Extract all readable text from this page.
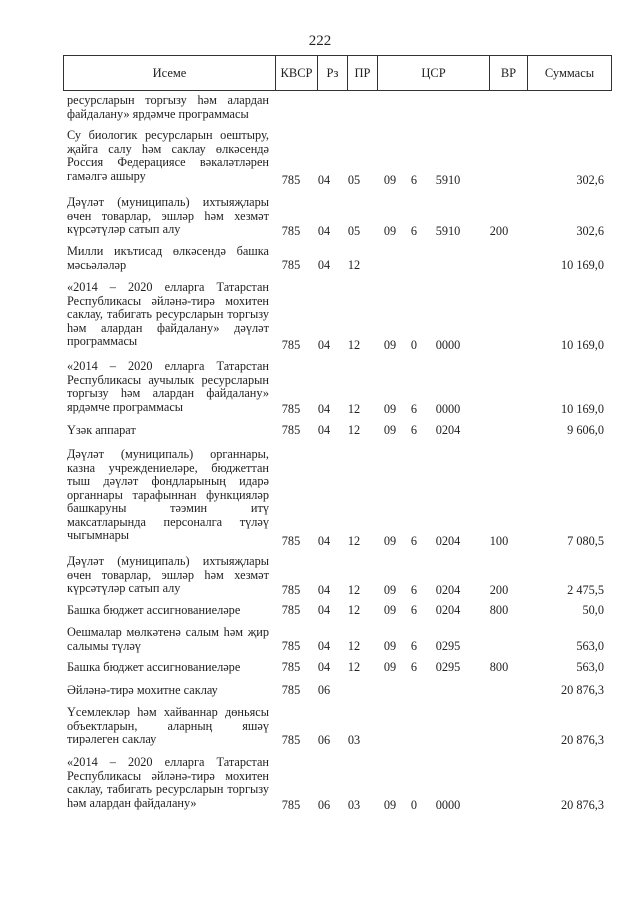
222
Исеме	КВСР	Рз	ПР	ЦСР	ВР	Суммасы
ресурсларын торгызу һәм алардан файдалану» ярдәмче программасы
Су биологик ресурсларын оештыру, җайга салу һәм саклау өлкәсендә Россия Федерациясе вәкаләтләрен гамәлгә ашыру	785	04	05	09	6	5910	302,6
Дәүләт (муниципаль) ихтыяҗлары өчен товарлар, эшләр һәм хезмәт күрсәтүләр сатып алу	785	04	05	09	6	5910	200	302,6
Милли икътисад өлкәсендә башка мәсьәләләр	785	04	12	10 169,0
«2014 – 2020 елларга Татарстан Республикасы әйләнә-тирә мохитен саклау, табигать ресурсларын торгызу һәм алардан файдалану» дәүләт программасы	785	04	12	09	0	0000	10 169,0
«2014 – 2020 елларга Татарстан Республикасы аучылык ресурсларын торгызу һәм алардан файдалану» ярдәмче программасы	785	04	12	09	6	0000	10 169,0
Үзәк аппарат	785	04	12	09	6	0204	9 606,0
Дәүләт (муниципаль) органнары, казна учреждениеләре, бюджеттан тыш дәүләт фондларының идарә органнары тарафыннан функцияләр башкаруны тәэмин итү максатларында персоналга түләү чыгымнары	785	04	12	09	6	0204	100	7 080,5
Дәүләт (муниципаль) ихтыяҗлары өчен товарлар, эшләр һәм хезмәт күрсәтүләр сатып алу	785	04	12	09	6	0204	200	2 475,5
Башка бюджет ассигнованиеләре	785	04	12	09	6	0204	800	50,0
Оешмалар мөлкәтенә салым һәм җир салымы түләү	785	04	12	09	6	0295	563,0
Башка бюджет ассигнованиеләре	785	04	12	09	6	0295	800	563,0
Әйләнә-тирә мохитне саклау	785	06	20 876,3
Үсемлекләр һәм хайваннар дөньясы объектларын, аларның яшәү тирәлеген саклау	785	06	03	20 876,3
«2014 – 2020 елларга Татарстан Республикасы әйләнә-тирә мохитен саклау, табигать ресурсларын торгызу һәм алардан файдалану»	785	06	03	09	0	0000	20 876,3
